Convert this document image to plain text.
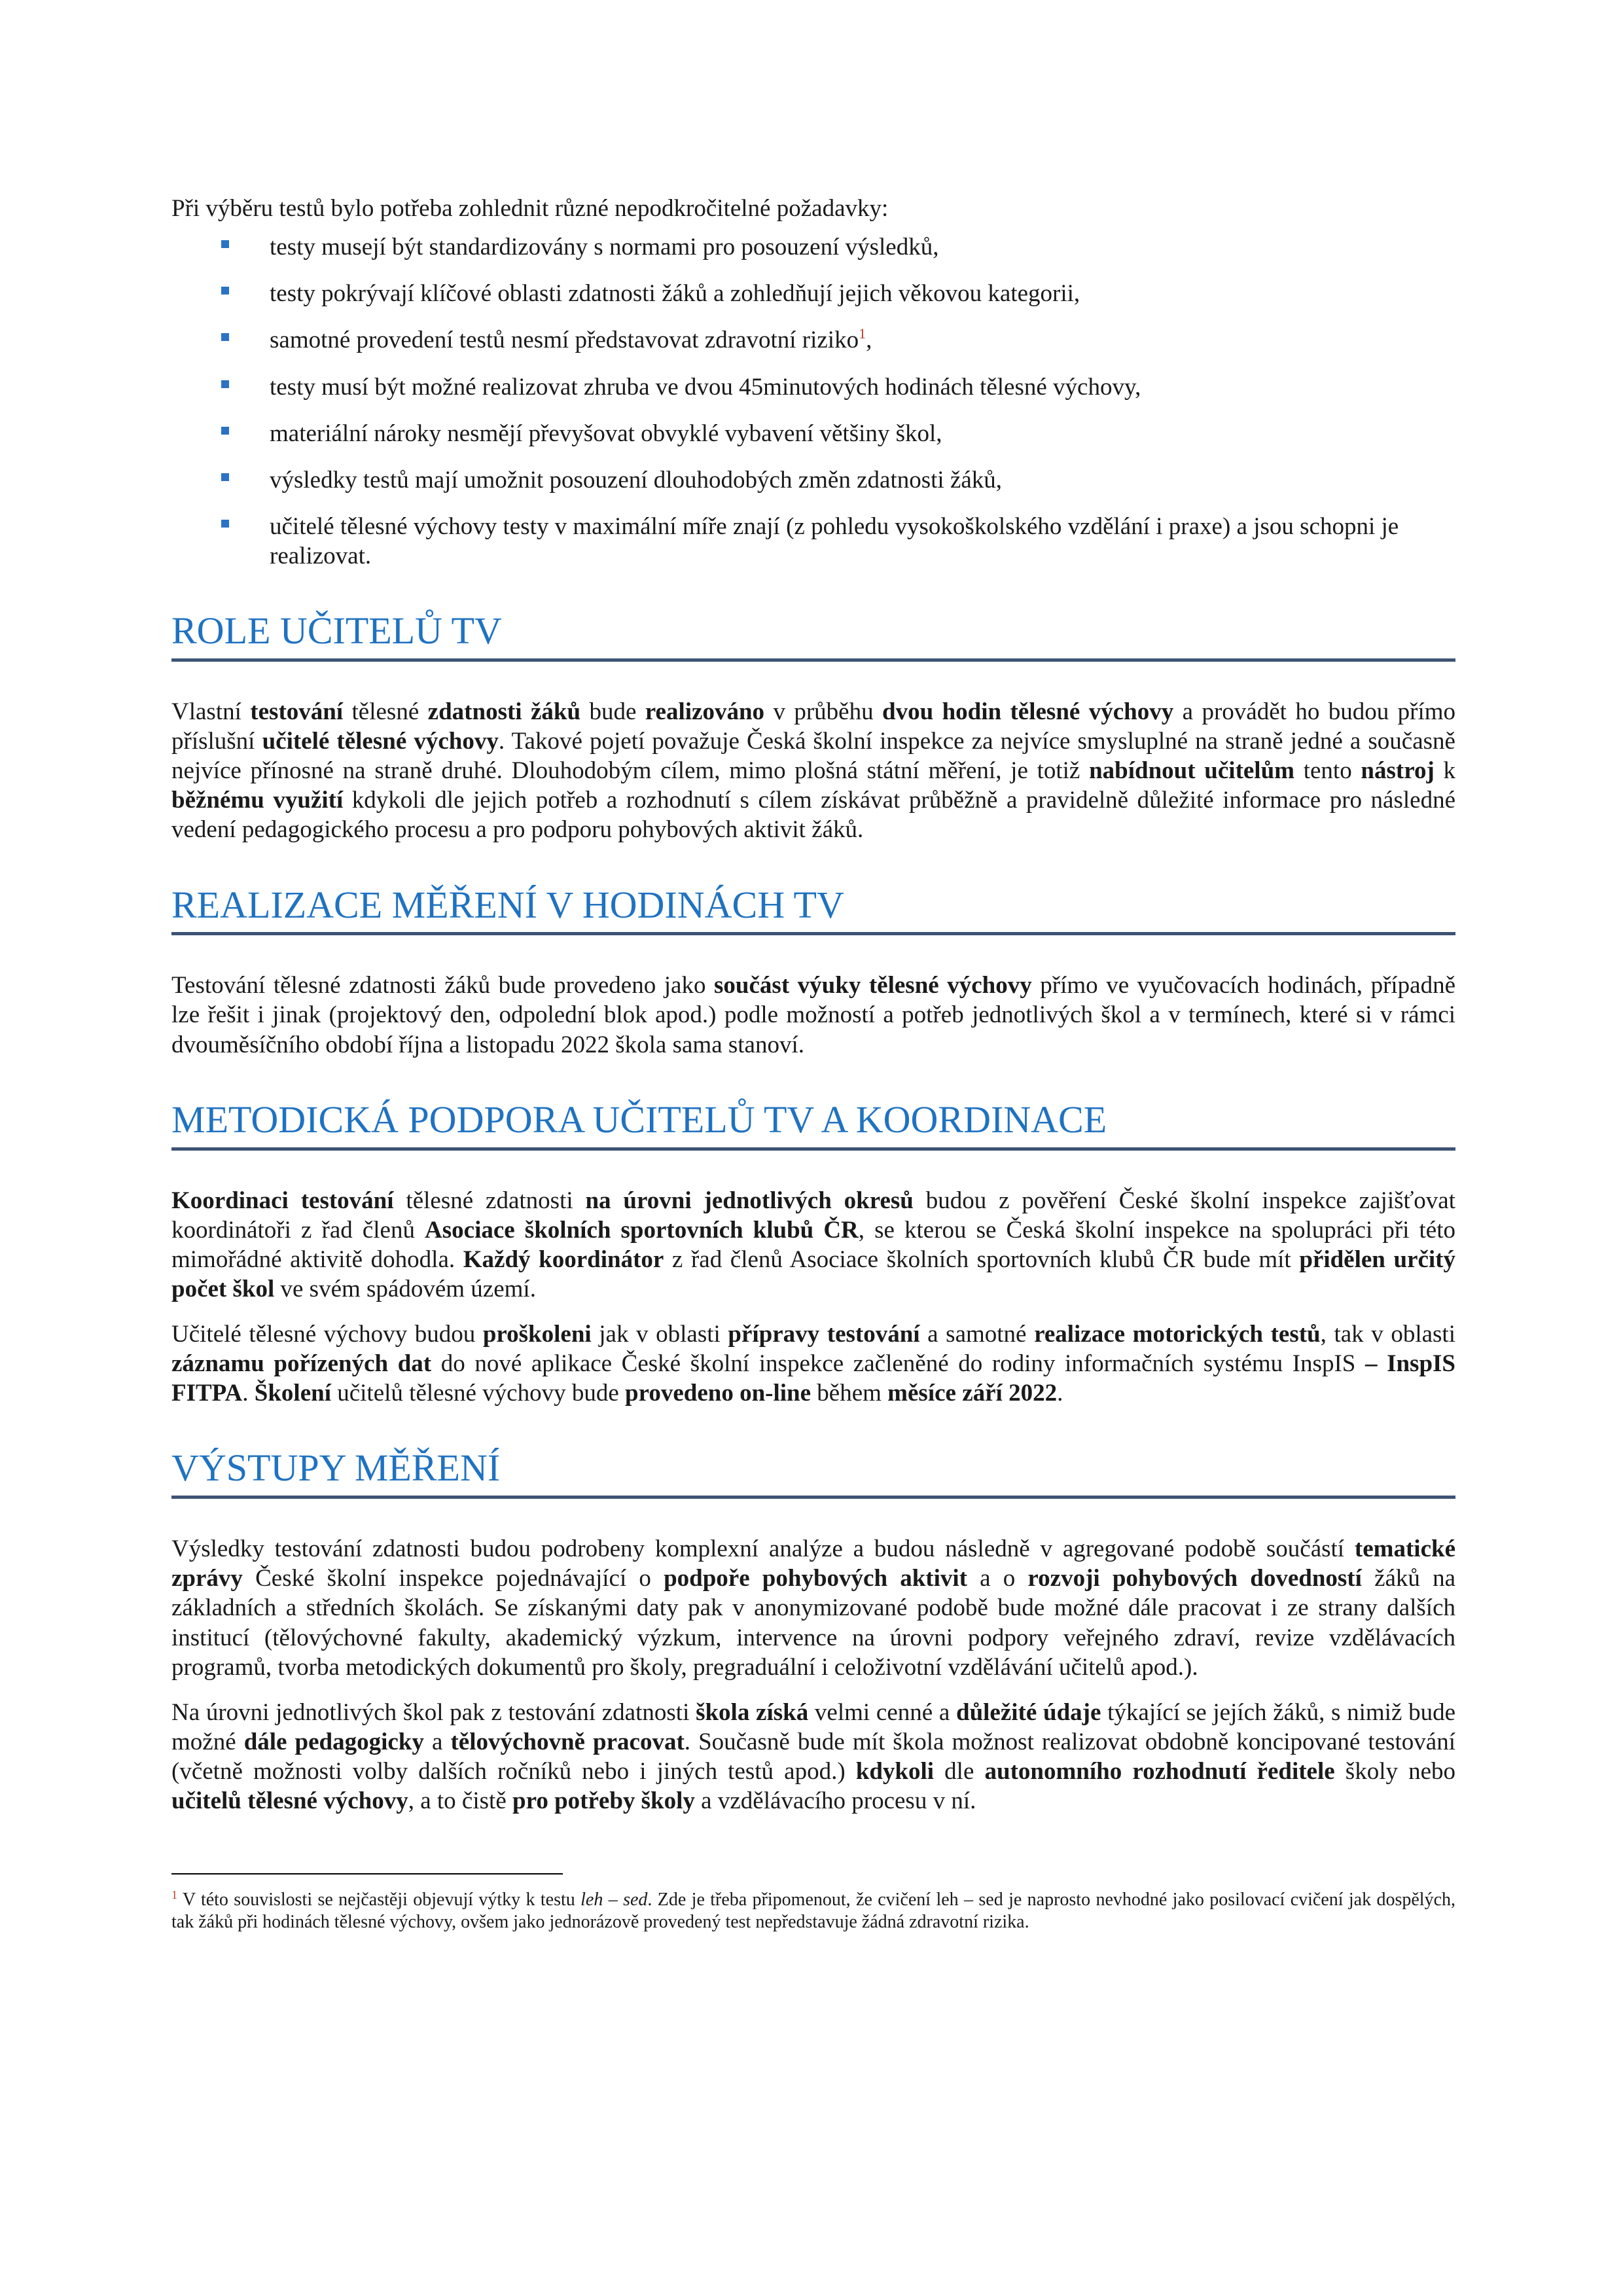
Při výběru testů bylo potřeba zohlednit různé nepodkročitelné požadavky:

testy musejí být standardizovány s normami pro posouzení výsledků,
testy pokrývají klíčové oblasti zdatnosti žáků a zohledňují jejich věkovou kategorii,
samotné provedení testů nesmí představovat zdravotní riziko$^1$,
testy musí být možné realizovat zhruba ve dvou 45minutových hodinách tělesné výchovy,
materiální nároky nesmějí převyšovat obvyklé vybavení většiny škol,
výsledky testů mají umožnit posouzení dlouhodobých změn zdatnosti žáků,
učitelé tělesné výchovy testy v maximální míře znají (z pohledu vysokoškolského vzdělání i praxe) a jsou schopni je realizovat.
ROLE UČITELŮ TV

Vlastní testování tělesné zdatnosti žáků bude realizováno v průběhu dvou hodin tělesné výchovy a provádět ho budou přímo příslušní učitelé tělesné výchovy. Takové pojetí považuje Česká školní inspekce za nejvíce smysluplné na straně jedné a současně nejvíce přínosné na straně druhé. Dlouhodobým cílem, mimo plošná státní měření, je totiž nabídnout učitelům tento nástroj k běžnému využití kdykoli dle jejich potřeb a rozhodnutí s cílem získávat průběžně a pravidelně důležité informace pro následné vedení pedagogického procesu a pro podporu pohybových aktivit žáků.

REALIZACE MĚŘENÍ V HODINÁCH TV

Testování tělesné zdatnosti žáků bude provedeno jako součást výuky tělesné výchovy přímo ve vyučovacích hodinách, případně lze řešit i jinak (projektový den, odpolední blok apod.) podle možností a potřeb jednotlivých škol a v termínech, které si v rámci dvouměsíčního období října a listopadu 2022 škola sama stanoví.

METODICKÁ PODPORA UČITELŮ TV A KOORDINACE

Koordinaci testování tělesné zdatnosti na úrovni jednotlivých okresů budou z pověření České školní inspekce zajišťovat koordinátoři z řad členů Asociace školních sportovních klubů ČR, se kterou se Česká školní inspekce na spolupráci při této mimořádné aktivitě dohodla. Každý koordinátor z řad členů Asociace školních sportovních klubů ČR bude mít přidělen určitý počet škol ve svém spádovém území.

Učitelé tělesné výchovy budou proškoleni jak v oblasti přípravy testování a samotné realizace motorických testů, tak v oblasti záznamu pořízených dat do nové aplikace České školní inspekce začleněné do rodiny informačních systému InspIS – InspIS FITPA. Školení učitelů tělesné výchovy bude provedeno on-line během měsíce září 2022.

VÝSTUPY MĚŘENÍ

Výsledky testování zdatnosti budou podrobeny komplexní analýze a budou následně v agregované podobě součástí tematické zprávy České školní inspekce pojednávající o podpoře pohybových aktivit a o rozvoji pohybových dovedností žáků na základních a středních školách. Se získanými daty pak v anonymizované podobě bude možné dále pracovat i ze strany dalších institucí (tělovýchovné fakulty, akademický výzkum, intervence na úrovni podpory veřejného zdraví, revize vzdělávacích programů, tvorba metodických dokumentů pro školy, pregraduální i celoživotní vzdělávání učitelů apod.).

Na úrovni jednotlivých škol pak z testování zdatnosti škola získá velmi cenné a důležité údaje týkající se jejích žáků, s nimiž bude možné dále pedagogicky a tělovýchovně pracovat. Současně bude mít škola možnost realizovat obdobně koncipované testování (včetně možnosti volby dalších ročníků nebo i jiných testů apod.) kdykoli dle autonomního rozhodnutí ředitele školy nebo učitelů tělesné výchovy, a to čistě pro potřeby školy a vzdělávacího procesu v ní.

$^1$ V této souvislosti se nejčastěji objevují výtky k testu leh – sed. Zde je třeba připomenout, že cvičení leh – sed je naprosto nevhodné jako posilovací cvičení jak dospělých, tak žáků při hodinách tělesné výchovy, ovšem jako jednorázově provedený test nepředstavuje žádná zdravotní rizika.
